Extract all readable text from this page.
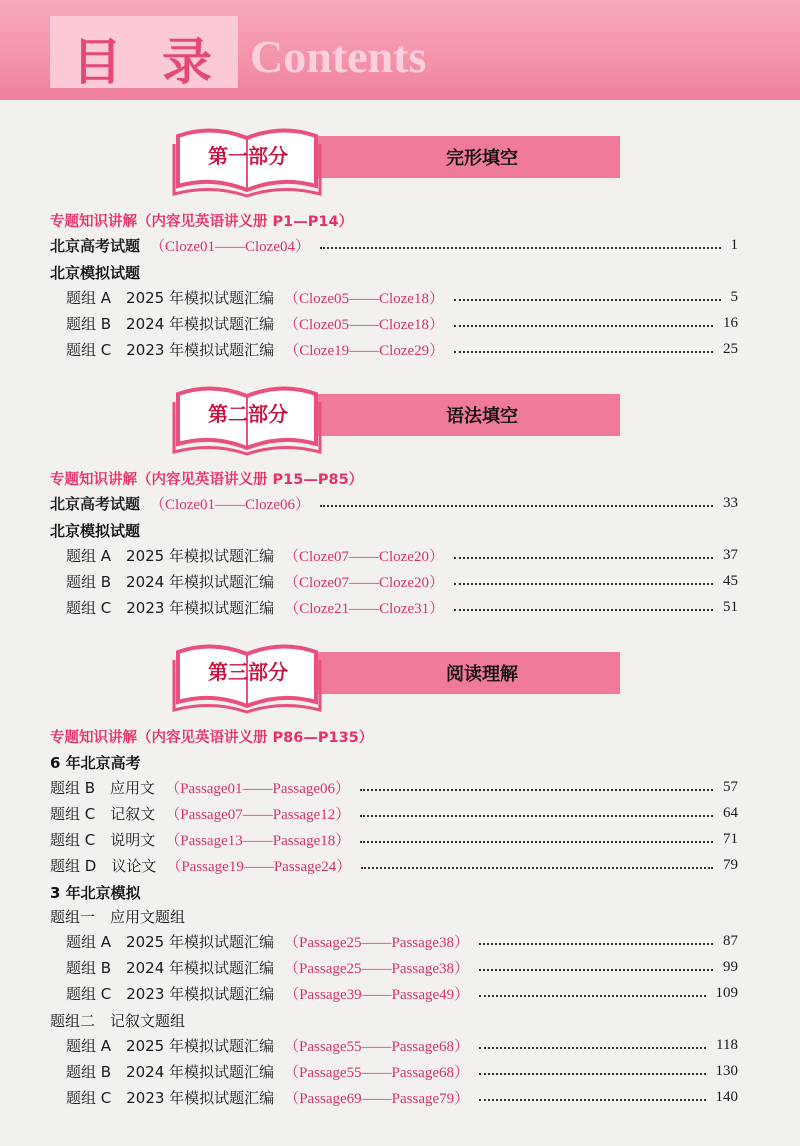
目录
Contents
第一部分	完形填空
专题知识讲解（内容见英语讲义册 P1—P14）
北京高考试题 （Cloze01——Cloze04）	1
北京模拟试题
题组 A　2025 年模拟试题汇编 （Cloze05——Cloze18）	5
题组 B　2024 年模拟试题汇编 （Cloze05——Cloze18）	16
题组 C　2023 年模拟试题汇编 （Cloze19——Cloze29）	25
第二部分	语法填空
专题知识讲解（内容见英语讲义册 P15—P85）
北京高考试题 （Cloze01——Cloze06）	33
北京模拟试题
题组 A　2025 年模拟试题汇编 （Cloze07——Cloze20）	37
题组 B　2024 年模拟试题汇编 （Cloze07——Cloze20）	45
题组 C　2023 年模拟试题汇编 （Cloze21——Cloze31）	51
第三部分	阅读理解
专题知识讲解（内容见英语讲义册 P86—P135）
6 年北京高考
题组 B　应用文 （Passage01——Passage06）	57
题组 C　记叙文 （Passage07——Passage12）	64
题组 C　说明文 （Passage13——Passage18）	71
题组 D　议论文 （Passage19——Passage24）	79
3 年北京模拟
题组一　应用文题组
题组 A　2025 年模拟试题汇编 （Passage25——Passage38）	87
题组 B　2024 年模拟试题汇编 （Passage25——Passage38）	99
题组 C　2023 年模拟试题汇编 （Passage39——Passage49）	109
题组二　记叙文题组
题组 A　2025 年模拟试题汇编 （Passage55——Passage68）	118
题组 B　2024 年模拟试题汇编 （Passage55——Passage68）	130
题组 C　2023 年模拟试题汇编 （Passage69——Passage79）	140
